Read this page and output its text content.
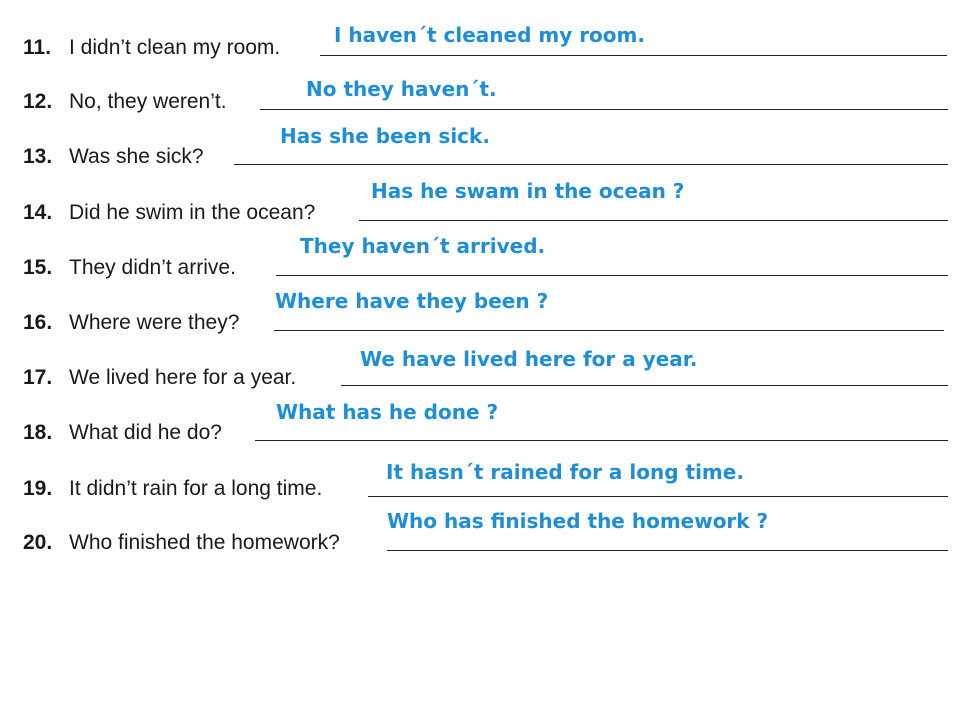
11. I didn’t clean my room.
I haven´t cleaned my room.
12. No, they weren’t.
No they haven´t.
13. Was she sick?
Has she been sick.
14. Did he swim in the ocean?
Has he swam in the ocean ?
15. They didn’t arrive.
They haven´t arrived.
16. Where were they?
Where have they been ?
17. We lived here for a year.
We have lived here for a year.
18. What did he do?
What has he done ?
19. It didn’t rain for a long time.
It hasn´t rained for a long time.
20. Who finished the homework?
Who has finished the homework ?
